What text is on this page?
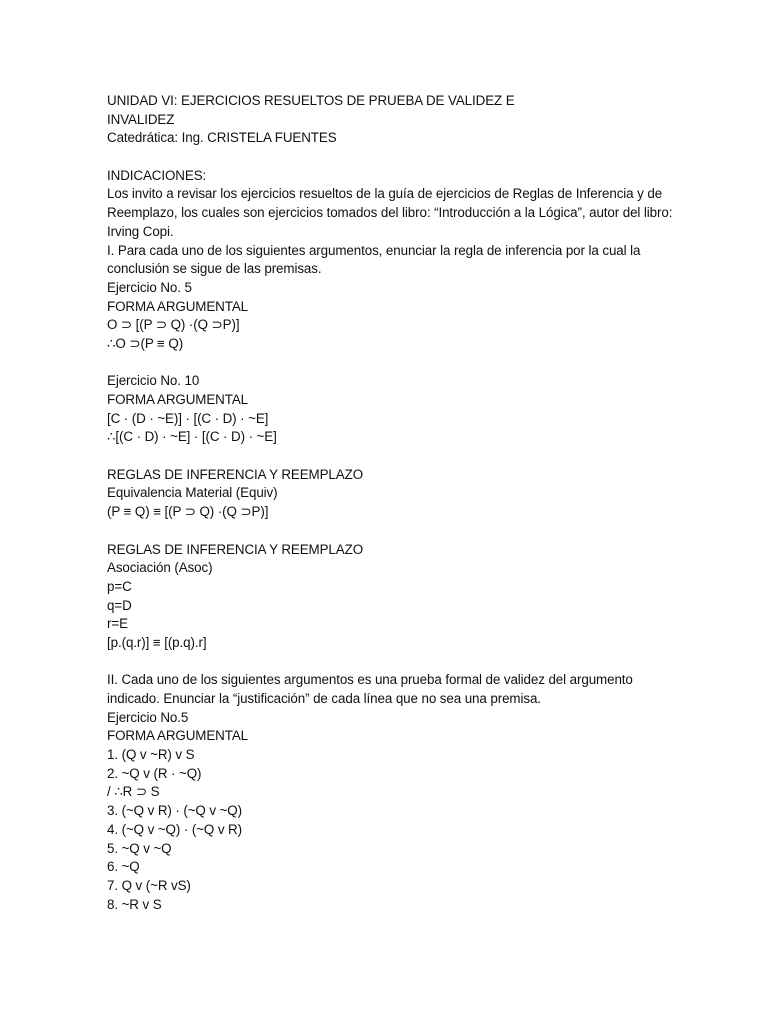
UNIDAD VI: EJERCICIOS RESUELTOS DE PRUEBA DE VALIDEZ E
INVALIDEZ
Catedrática: Ing. CRISTELA FUENTES
INDICACIONES:
Los invito a revisar los ejercicios resueltos de la guía de ejercicios de Reglas de Inferencia y de
Reemplazo, los cuales son ejercicios tomados del libro: “Introducción a la Lógica”, autor del libro:
Irving Copi.
I. Para cada uno de los siguientes argumentos, enunciar la regla de inferencia por la cual la
conclusión se sigue de las premisas.
Ejercicio No. 5
FORMA ARGUMENTAL
O ⊃ [(P ⊃ Q) ·(Q ⊃P)]
∴O ⊃(P ≡ Q)
Ejercicio No. 10
FORMA ARGUMENTAL
[C · (D · ~E)] · [(C · D) · ~E]
∴[(C · D) · ~E] · [(C · D) · ~E]
REGLAS DE INFERENCIA Y REEMPLAZO
Equivalencia Material (Equiv)
(P ≡ Q) ≡ [(P ⊃ Q) ·(Q ⊃P)]
REGLAS DE INFERENCIA Y REEMPLAZO
Asociación (Asoc)
p=C
q=D
r=E
[p.(q.r)] ≡ [(p.q).r]
II. Cada uno de los siguientes argumentos es una prueba formal de validez del argumento
indicado. Enunciar la “justificación” de cada línea que no sea una premisa.
Ejercicio No.5
FORMA ARGUMENTAL
1. (Q v ~R) v S
2. ~Q v (R · ~Q)
/ ∴R ⊃ S
3. (~Q v R) · (~Q v ~Q)
4. (~Q v ~Q) · (~Q v R)
5. ~Q v ~Q
6. ~Q
7. Q v (~R vS)
8. ~R v S
